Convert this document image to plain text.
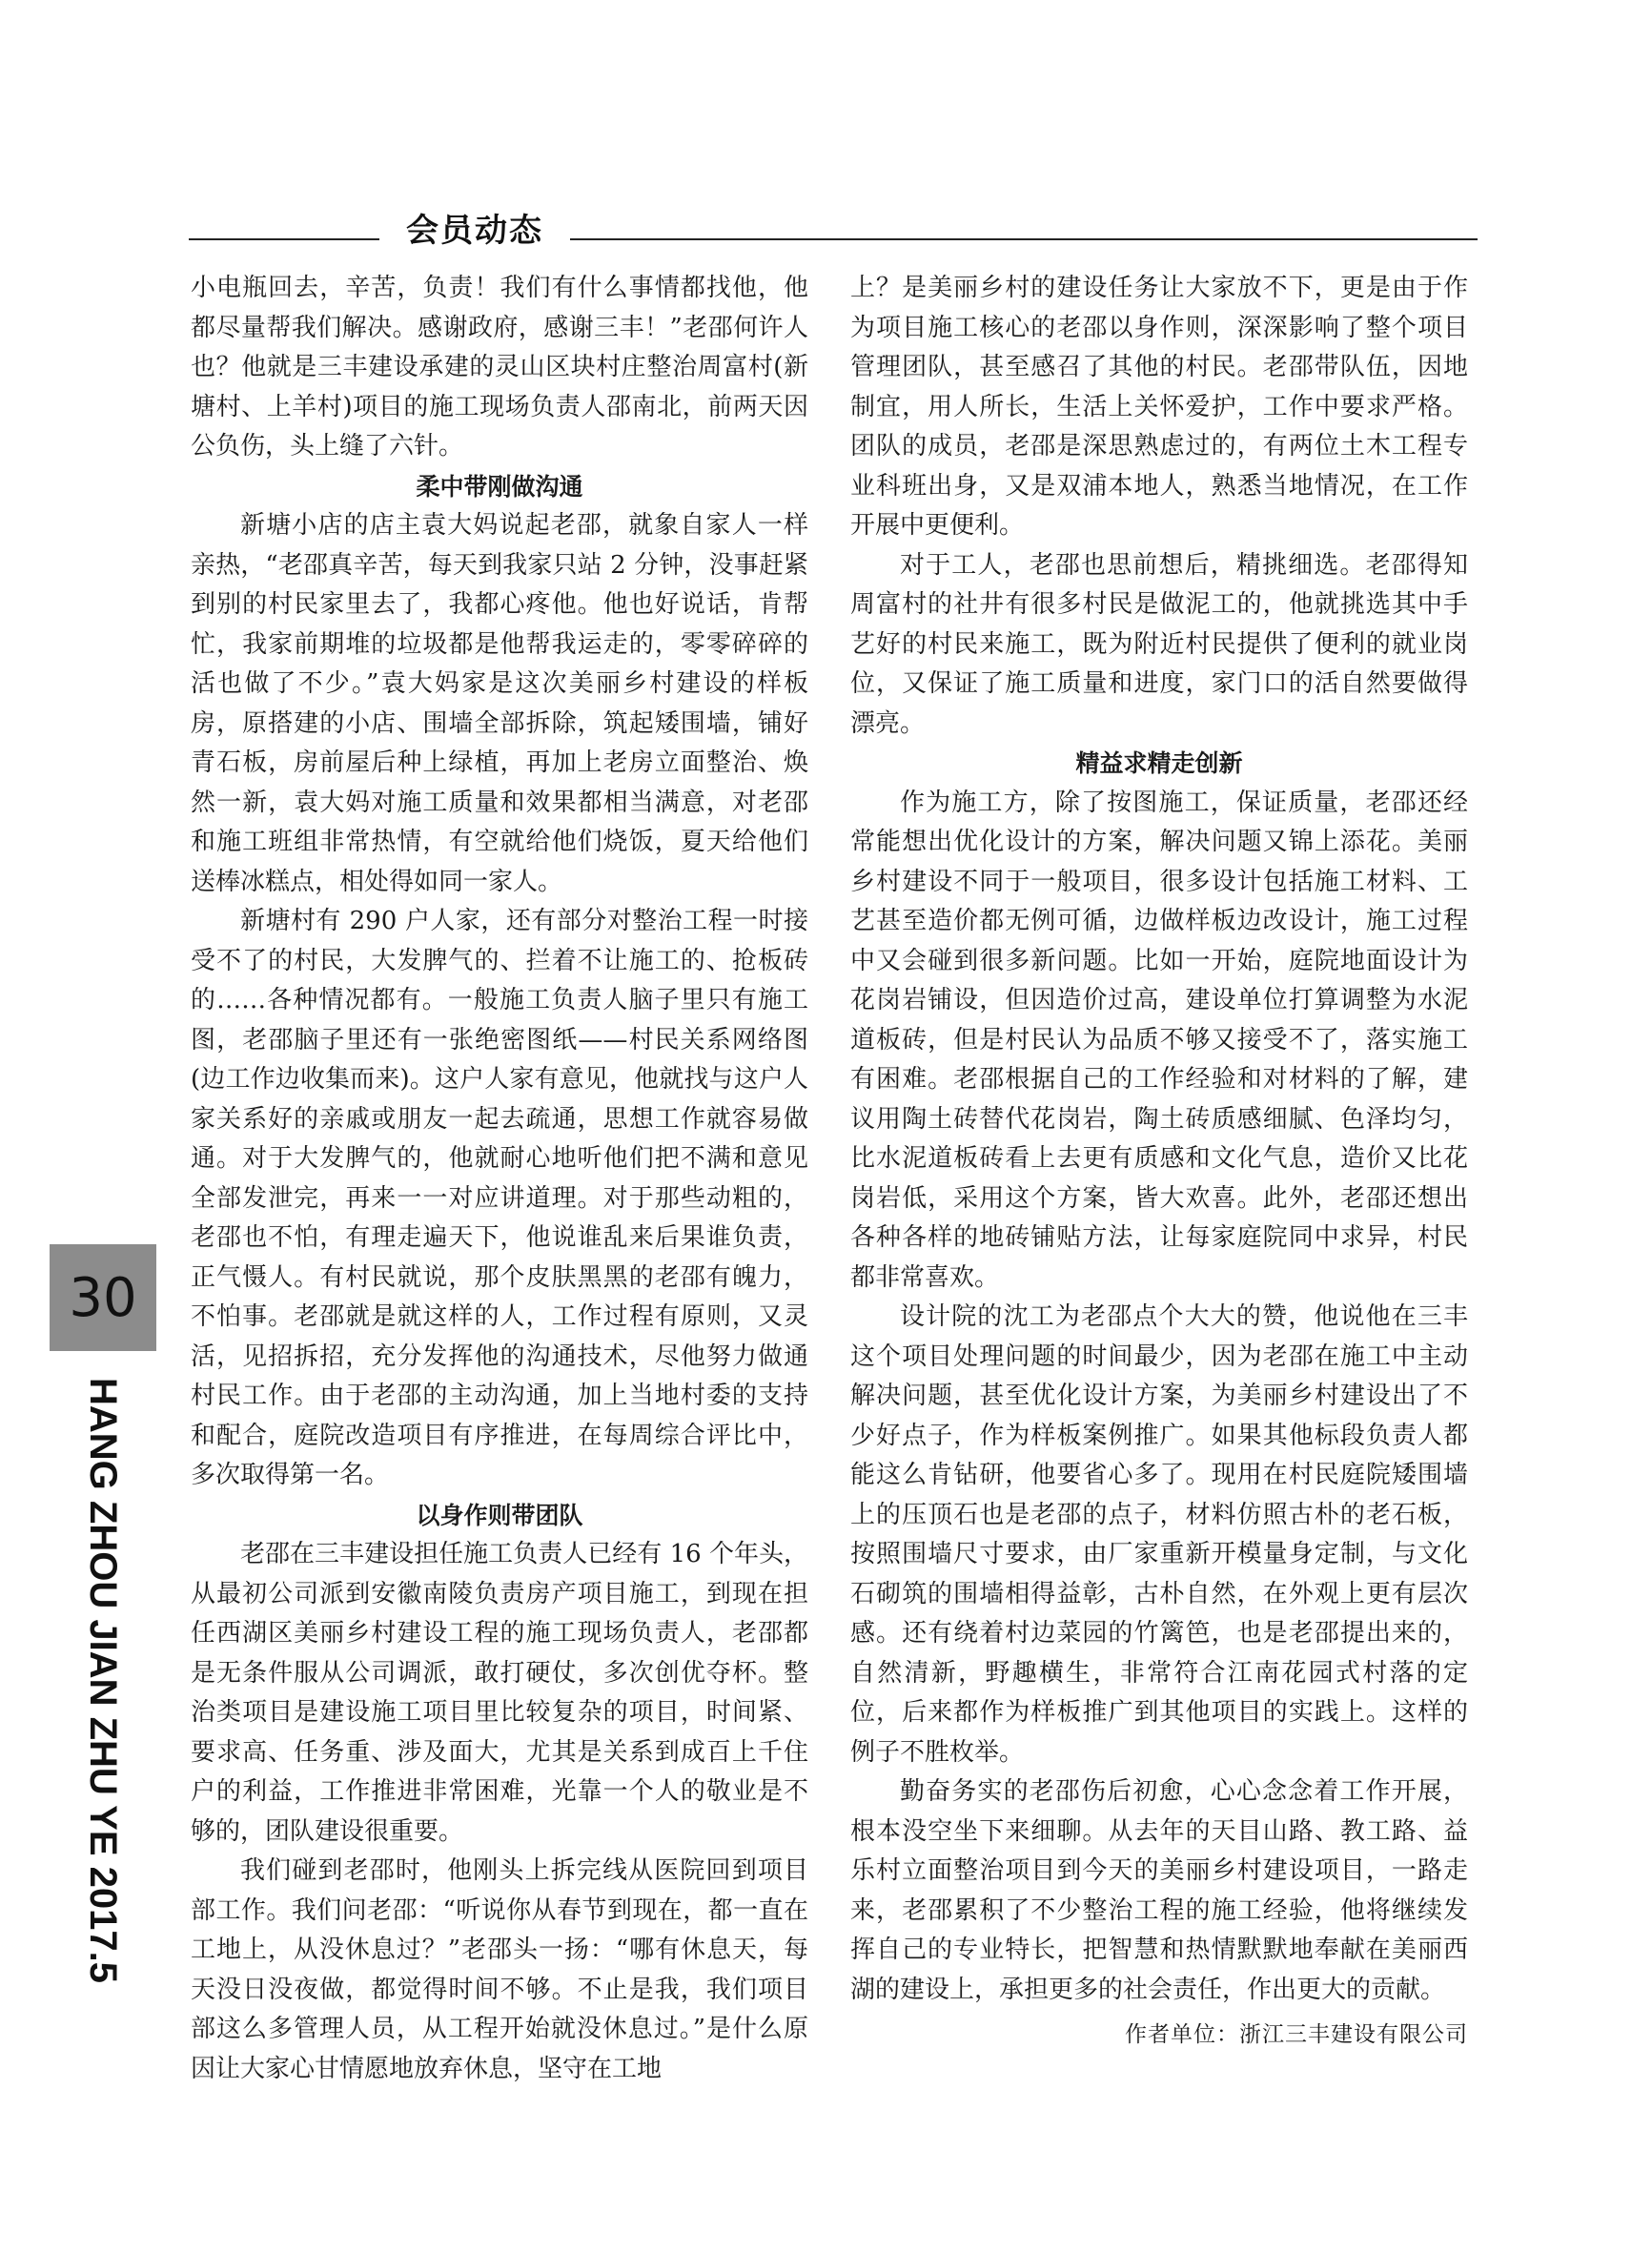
会员动态

小电瓶回去，辛苦，负责！我们有什么事情都找他，他都尽量帮我们解决。感谢政府，感谢三丰！”老邵何许人也？他就是三丰建设承建的灵山区块村庄整治周富村(新塘村、上羊村)项目的施工现场负责人邵南北，前两天因公负伤，头上缝了六针。

柔中带刚做沟通

新塘小店的店主袁大妈说起老邵，就象自家人一样亲热，“老邵真辛苦，每天到我家只站 2 分钟，没事赶紧到别的村民家里去了，我都心疼他。他也好说话，肯帮忙，我家前期堆的垃圾都是他帮我运走的，零零碎碎的活也做了不少。”袁大妈家是这次美丽乡村建设的样板房，原搭建的小店、围墙全部拆除，筑起矮围墙，铺好青石板，房前屋后种上绿植，再加上老房立面整治、焕然一新，袁大妈对施工质量和效果都相当满意，对老邵和施工班组非常热情，有空就给他们烧饭，夏天给他们送棒冰糕点，相处得如同一家人。

新塘村有 290 户人家，还有部分对整治工程一时接受不了的村民，大发脾气的、拦着不让施工的、抢板砖的……各种情况都有。一般施工负责人脑子里只有施工图，老邵脑子里还有一张绝密图纸——村民关系网络图(边工作边收集而来)。这户人家有意见，他就找与这户人家关系好的亲戚或朋友一起去疏通，思想工作就容易做通。对于大发脾气的，他就耐心地听他们把不满和意见全部发泄完，再来一一对应讲道理。对于那些动粗的，老邵也不怕，有理走遍天下，他说谁乱来后果谁负责，正气慑人。有村民就说，那个皮肤黑黑的老邵有魄力，不怕事。老邵就是就这样的人，工作过程有原则，又灵活，见招拆招，充分发挥他的沟通技术，尽他努力做通村民工作。由于老邵的主动沟通，加上当地村委的支持和配合，庭院改造项目有序推进，在每周综合评比中，多次取得第一名。

以身作则带团队

老邵在三丰建设担任施工负责人已经有 16 个年头，从最初公司派到安徽南陵负责房产项目施工，到现在担任西湖区美丽乡村建设工程的施工现场负责人，老邵都是无条件服从公司调派，敢打硬仗，多次创优夺杯。整治类项目是建设施工项目里比较复杂的项目，时间紧、要求高、任务重、涉及面大，尤其是关系到成百上千住户的利益，工作推进非常困难，光靠一个人的敬业是不够的，团队建设很重要。

我们碰到老邵时，他刚头上拆完线从医院回到项目部工作。我们问老邵：“听说你从春节到现在，都一直在工地上，从没休息过？”老邵头一扬：“哪有休息天，每天没日没夜做，都觉得时间不够。不止是我，我们项目部这么多管理人员，从工程开始就没休息过。”是什么原因让大家心甘情愿地放弃休息，坚守在工地

上？是美丽乡村的建设任务让大家放不下，更是由于作为项目施工核心的老邵以身作则，深深影响了整个项目管理团队，甚至感召了其他的村民。老邵带队伍，因地制宜，用人所长，生活上关怀爱护，工作中要求严格。团队的成员，老邵是深思熟虑过的，有两位土木工程专业科班出身，又是双浦本地人，熟悉当地情况，在工作开展中更便利。

对于工人，老邵也思前想后，精挑细选。老邵得知周富村的社井有很多村民是做泥工的，他就挑选其中手艺好的村民来施工，既为附近村民提供了便利的就业岗位，又保证了施工质量和进度，家门口的活自然要做得漂亮。

精益求精走创新

作为施工方，除了按图施工，保证质量，老邵还经常能想出优化设计的方案，解决问题又锦上添花。美丽乡村建设不同于一般项目，很多设计包括施工材料、工艺甚至造价都无例可循，边做样板边改设计，施工过程中又会碰到很多新问题。比如一开始，庭院地面设计为花岗岩铺设，但因造价过高，建设单位打算调整为水泥道板砖，但是村民认为品质不够又接受不了，落实施工有困难。老邵根据自己的工作经验和对材料的了解，建议用陶土砖替代花岗岩，陶土砖质感细腻、色泽均匀，比水泥道板砖看上去更有质感和文化气息，造价又比花岗岩低，采用这个方案，皆大欢喜。此外，老邵还想出各种各样的地砖铺贴方法，让每家庭院同中求异，村民都非常喜欢。

设计院的沈工为老邵点个大大的赞，他说他在三丰这个项目处理问题的时间最少，因为老邵在施工中主动解决问题，甚至优化设计方案，为美丽乡村建设出了不少好点子，作为样板案例推广。如果其他标段负责人都能这么肯钻研，他要省心多了。现用在村民庭院矮围墙上的压顶石也是老邵的点子，材料仿照古朴的老石板，按照围墙尺寸要求，由厂家重新开模量身定制，与文化石砌筑的围墙相得益彰，古朴自然，在外观上更有层次感。还有绕着村边菜园的竹篱笆，也是老邵提出来的，自然清新，野趣横生，非常符合江南花园式村落的定位，后来都作为样板推广到其他项目的实践上。这样的例子不胜枚举。

勤奋务实的老邵伤后初愈，心心念念着工作开展，根本没空坐下来细聊。从去年的天目山路、教工路、益乐村立面整治项目到今天的美丽乡村建设项目，一路走来，老邵累积了不少整治工程的施工经验，他将继续发挥自己的专业特长，把智慧和热情默默地奉献在美丽西湖的建设上，承担更多的社会责任，作出更大的贡献。

作者单位：浙江三丰建设有限公司
30
HANG ZHOU JIAN ZHU YE 2017.5
